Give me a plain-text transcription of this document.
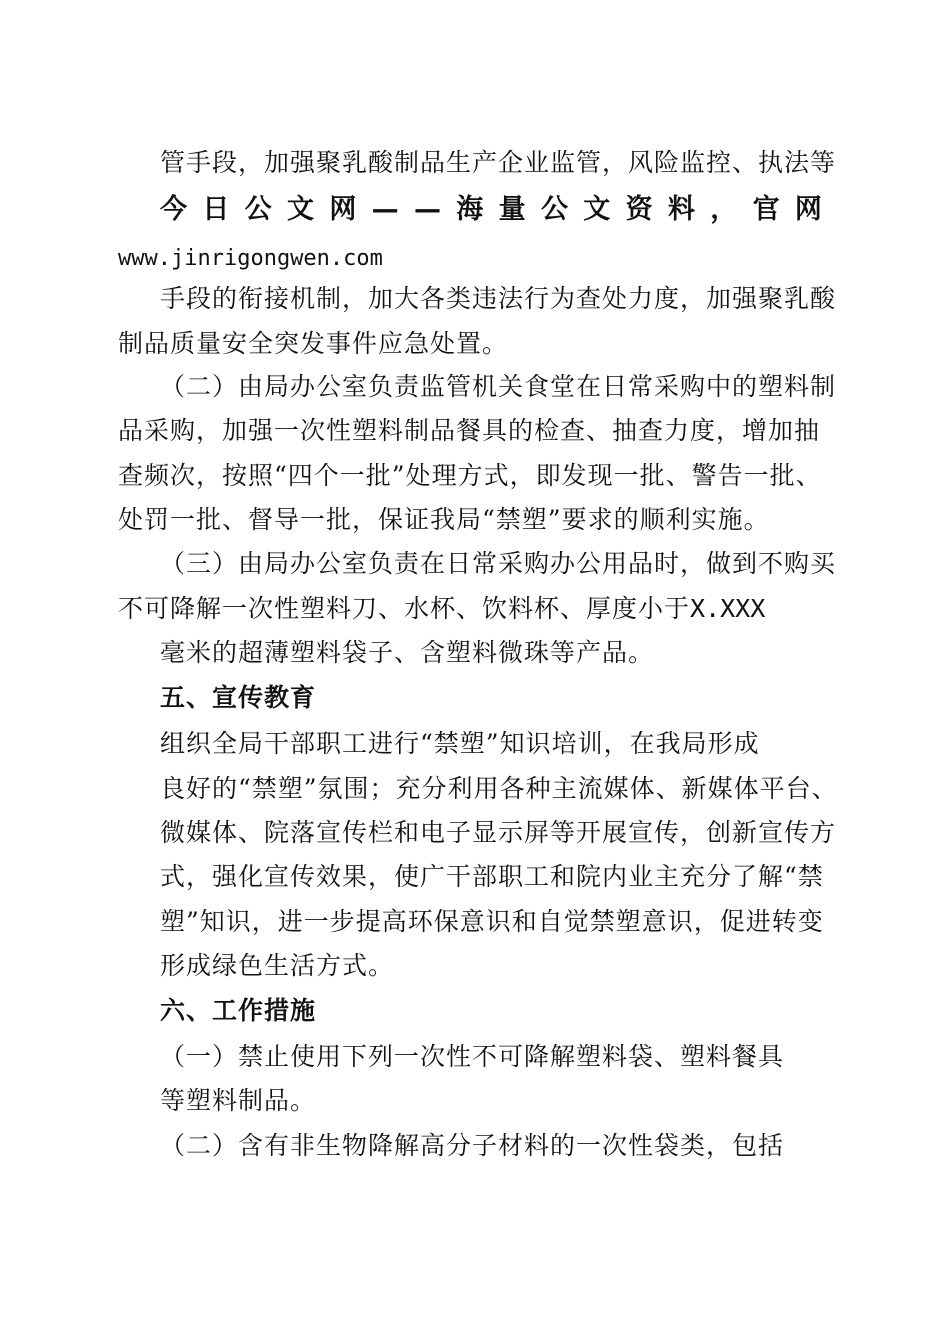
管手段，加强聚乳酸制品生产企业监管，风险监控、执法等
今 日 公 文 网 — — 海 量 公 文 资 料 ， 官 网
www.jinrigongwen.com
手段的衔接机制，加大各类违法行为查处力度，加强聚乳酸
制品质量安全突发事件应急处置。
（二）由局办公室负责监管机关食堂在日常采购中的塑料制
品采购，加强一次性塑料制品餐具的检查、抽查力度，增加抽
查频次，按照“四个一批”处理方式，即发现一批、警告一批、
处罚一批、督导一批，保证我局“禁塑”要求的顺利实施。
（三）由局办公室负责在日常采购办公用品时，做到不购买
不可降解一次性塑料刀、水杯、饮料杯、厚度小于X.XXX
毫米的超薄塑料袋子、含塑料微珠等产品。
五、宣传教育
组织全局干部职工进行“禁塑”知识培训，在我局形成
良好的“禁塑”氛围；充分利用各种主流媒体、新媒体平台、
微媒体、院落宣传栏和电子显示屏等开展宣传，创新宣传方
式，强化宣传效果，使广干部职工和院内业主充分了解“禁
塑”知识，进一步提高环保意识和自觉禁塑意识，促进转变
形成绿色生活方式。
六、工作措施
（一）禁止使用下列一次性不可降解塑料袋、塑料餐具
等塑料制品。
（二）含有非生物降解高分子材料的一次性袋类，包括
